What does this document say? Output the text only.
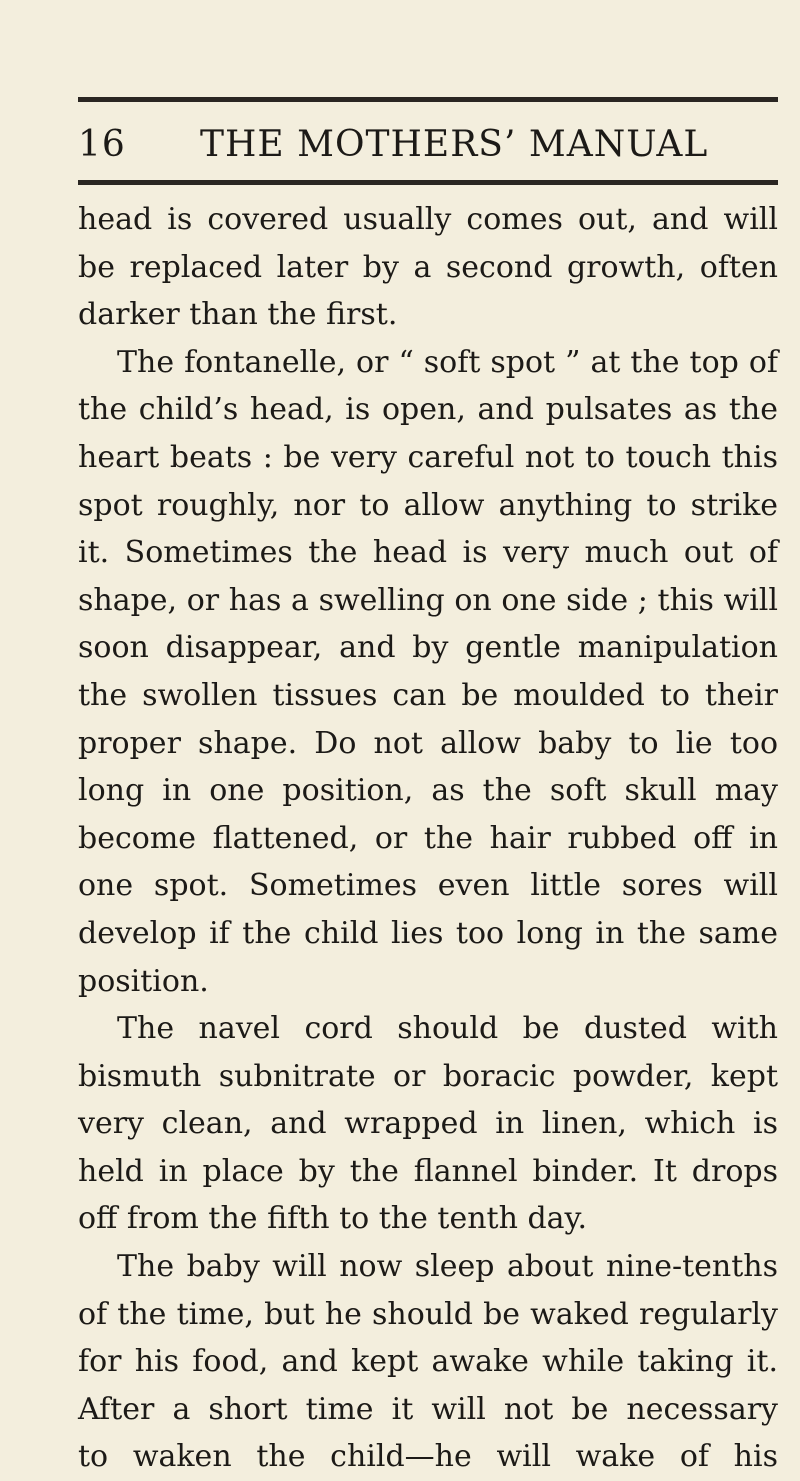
16 THE MOTHERS’ MANUAL
head is covered usually comes out, and will
be replaced later by a second growth, often
darker than the first.
The fontanelle, or “ soft spot ” at the top of
the child’s head, is open, and pulsates as the
heart beats : be very careful not to touch this
spot roughly, nor to allow anything to strike
it. Sometimes the head is very much out of
shape, or has a swelling on one side ; this will
soon disappear, and by gentle manipulation
the swollen tissues can be moulded to their
proper shape. Do not allow baby to lie too
long in one position, as the soft skull may
become flattened, or the hair rubbed off in
one spot. Sometimes even little sores will
develop if the child lies too long in the same
position.
The navel cord should be dusted with
bismuth subnitrate or boracic powder, kept
very clean, and wrapped in linen, which is
held in place by the flannel binder. It drops
off from the fifth to the tenth day.
The baby will now sleep about nine-tenths
of the time, but he should be waked regularly
for his food, and kept awake while taking it.
After a short time it will not be necessary
to waken the child—he will wake of his
